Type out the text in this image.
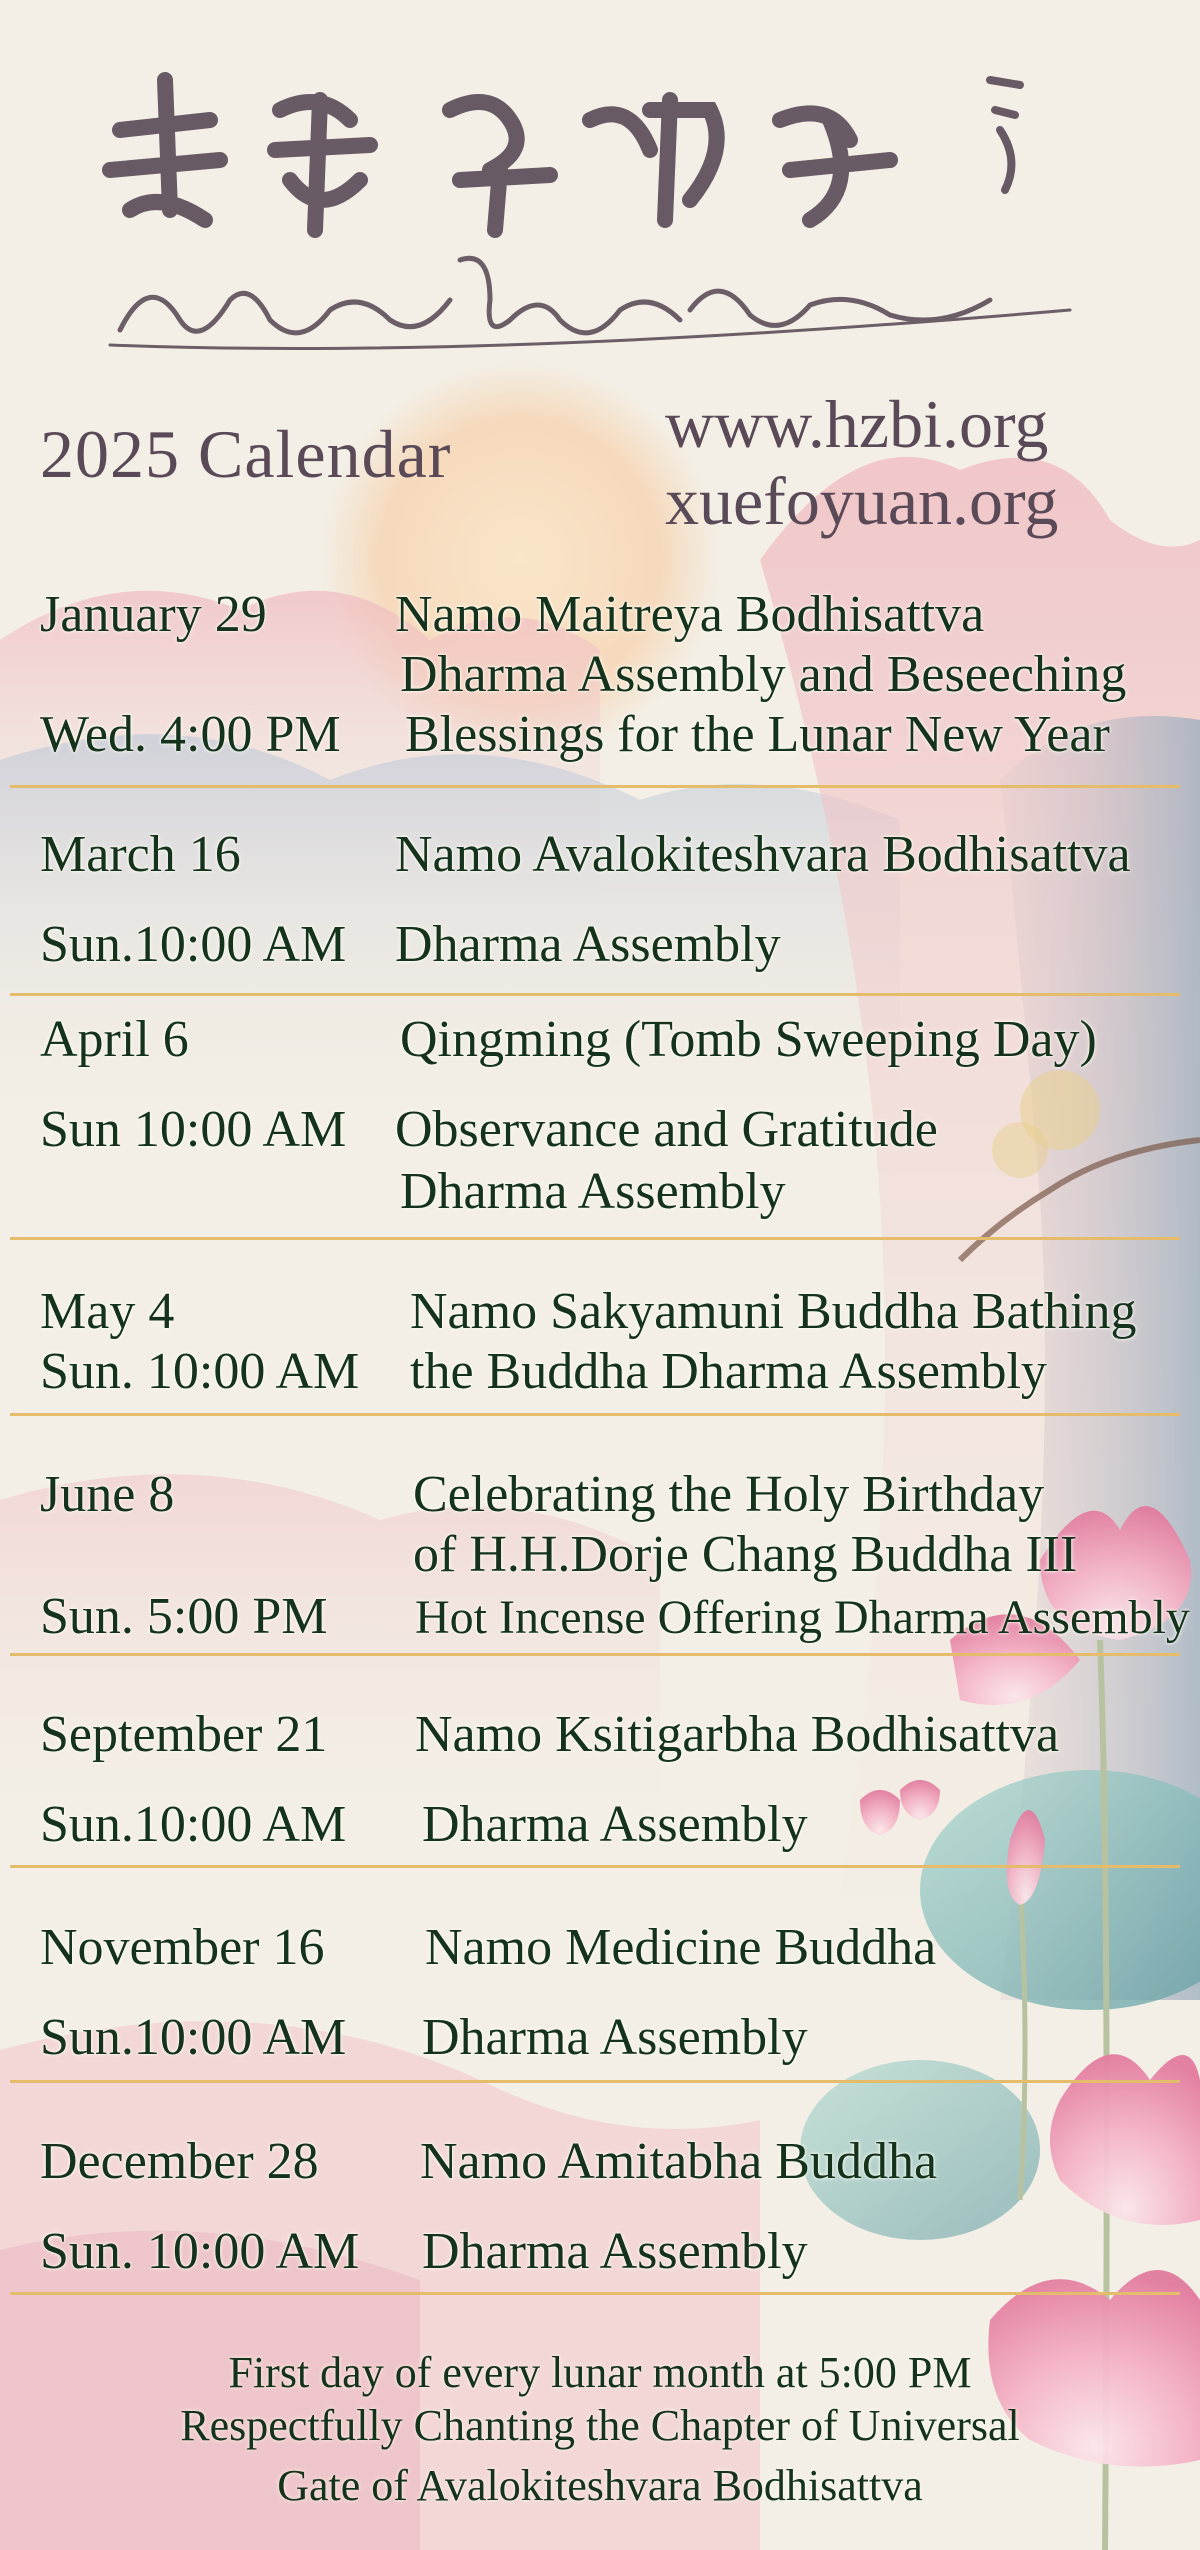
2025 Calendar	www.hzbi.org
xuefoyuan.org
January 29
Wed. 4:00 PM
Namo Maitreya Bodhisattva
Dharma Assembly and Beseeching
Blessings for the Lunar New Year
March 16
Sun.10:00 AM
Namo Avalokiteshvara Bodhisattva
Dharma Assembly
April 6
Sun 10:00 AM
Qingming (Tomb Sweeping Day)
Observance and Gratitude
Dharma Assembly
May 4
Sun. 10:00 AM
Namo Sakyamuni Buddha Bathing
the Buddha Dharma Assembly
June 8
Sun. 5:00 PM
Celebrating the Holy Birthday
of H.H.Dorje Chang Buddha III
Hot Incense Offering Dharma Assembly
September 21
Sun.10:00 AM
Namo Ksitigarbha Bodhisattva
Dharma Assembly
November 16
Sun.10:00 AM
Namo Medicine Buddha
Dharma Assembly
December 28
Sun. 10:00 AM
Namo Amitabha Buddha
Dharma Assembly
First day of every lunar month at 5:00 PM
Respectfully Chanting the Chapter of Universal
Gate of Avalokiteshvara Bodhisattva
